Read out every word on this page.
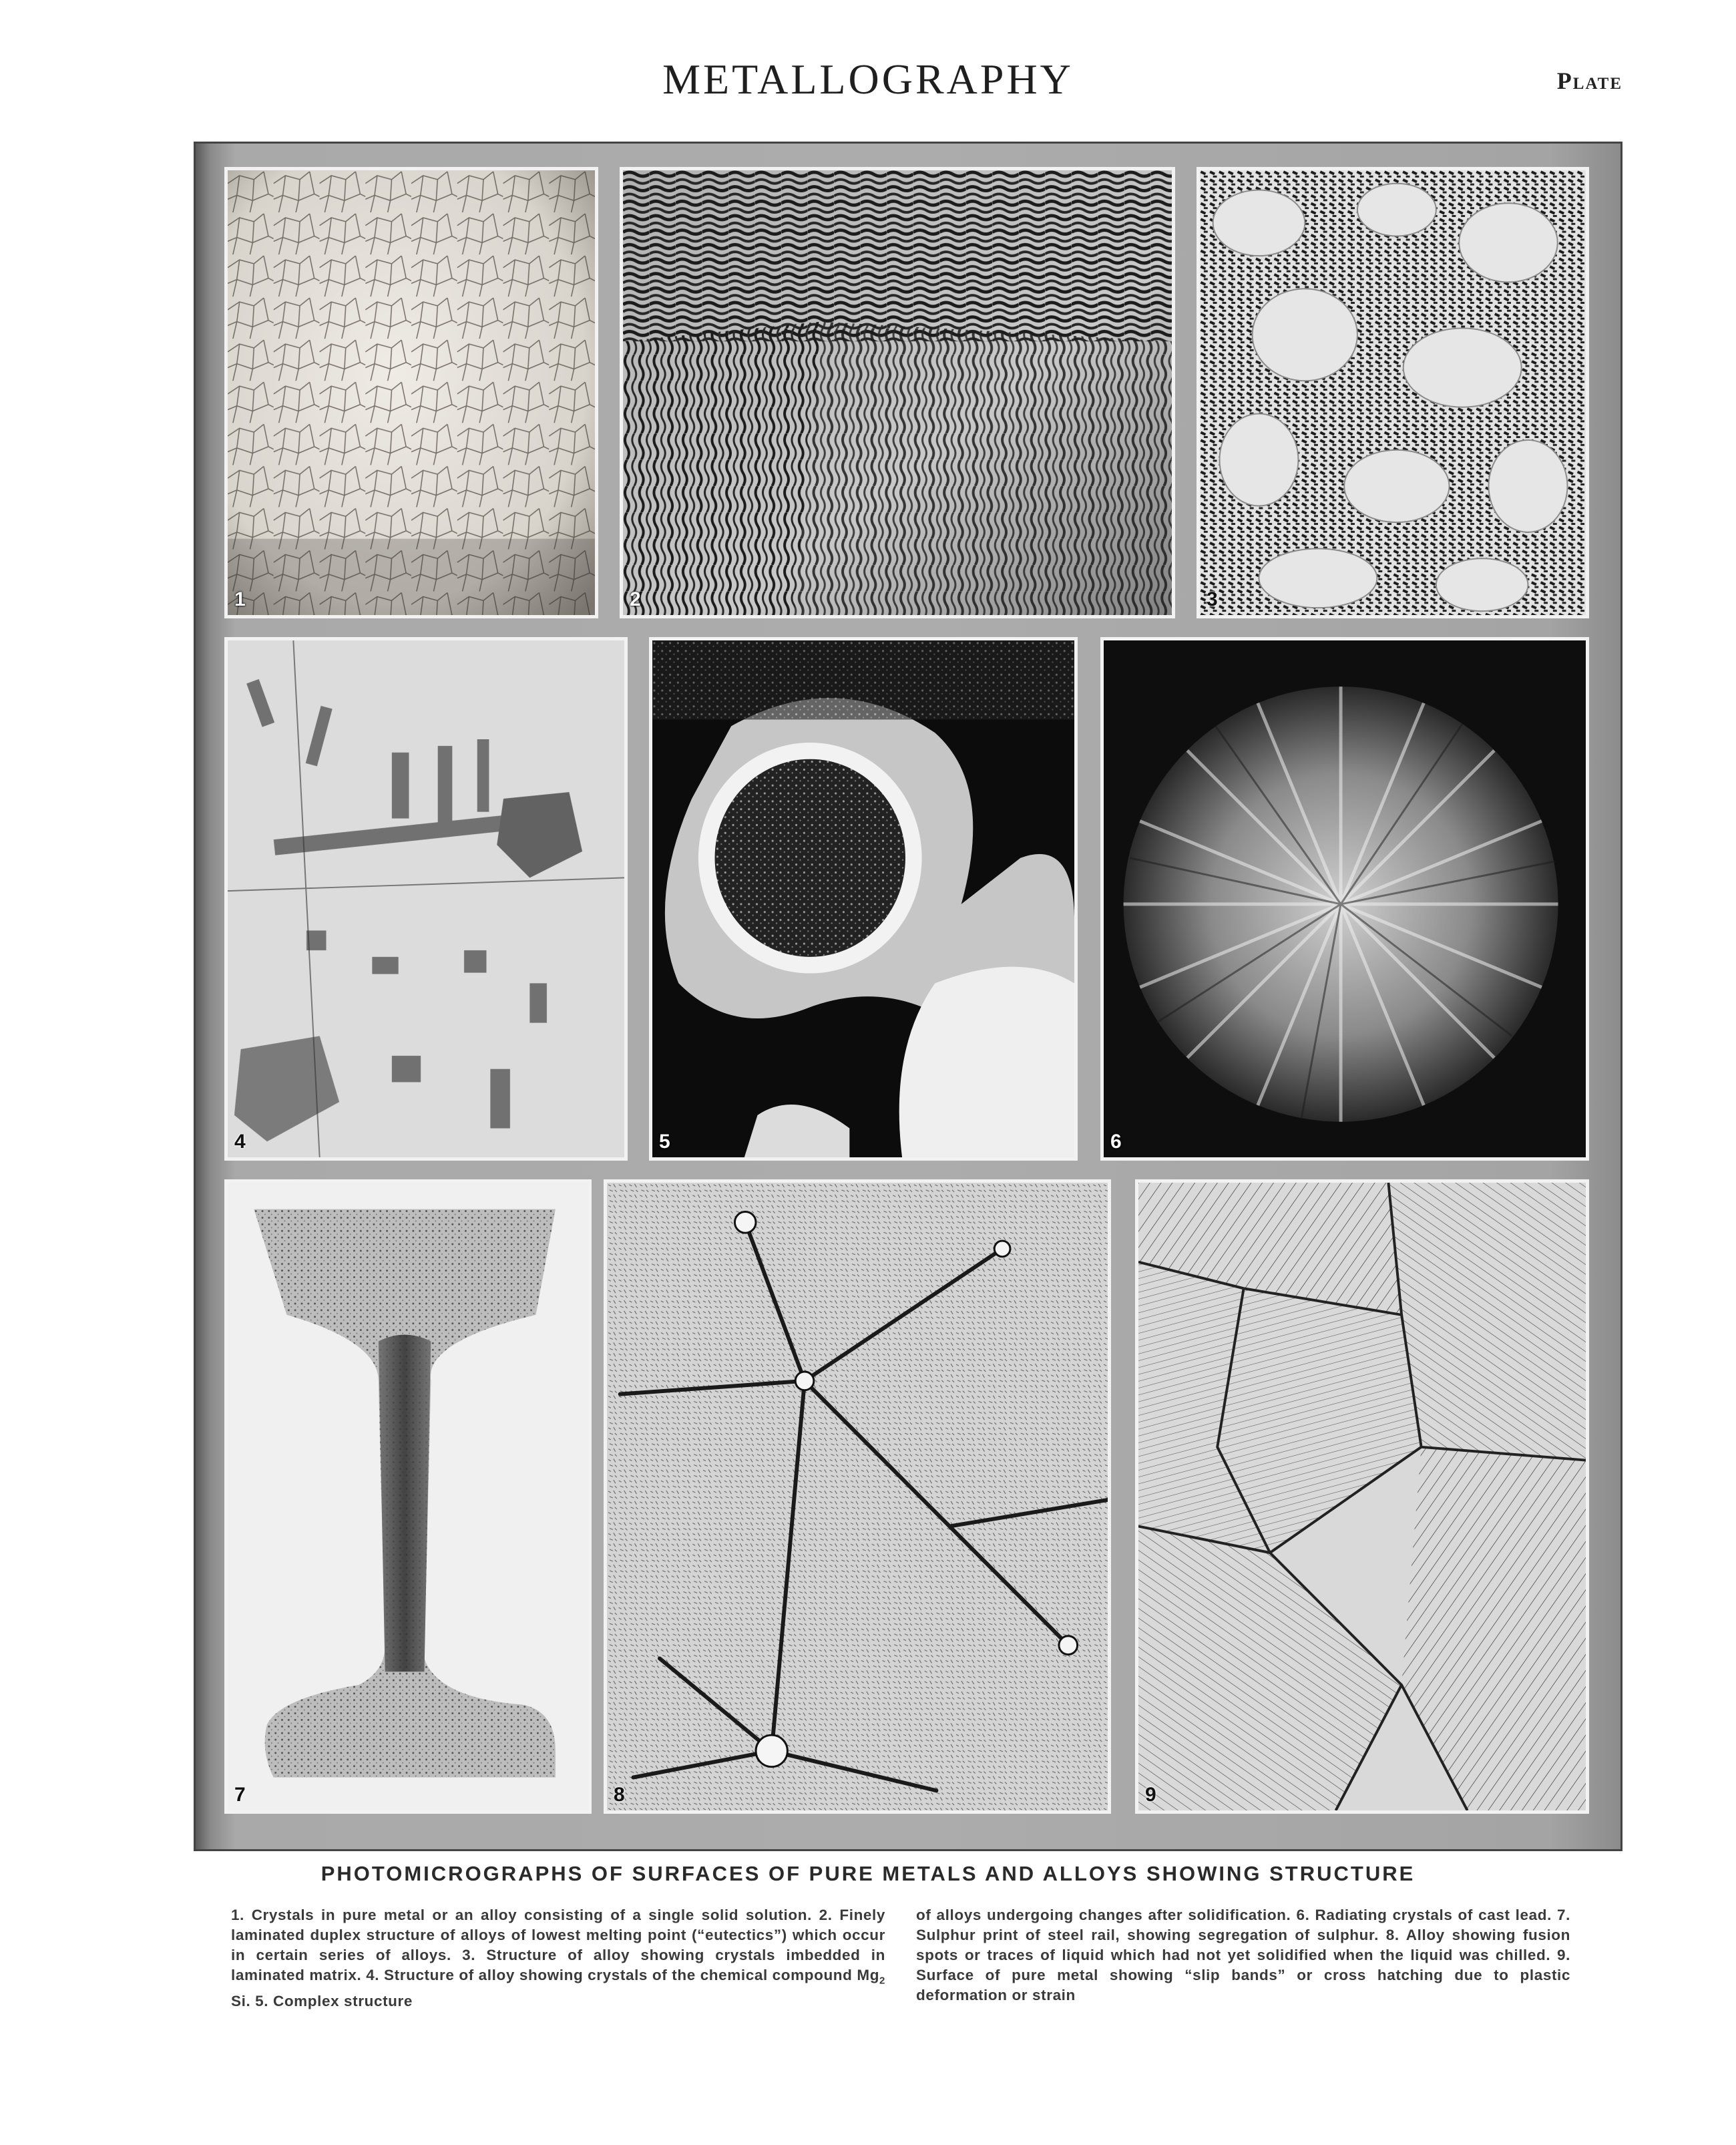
METALLOGRAPHY	Plate
1	2	3
4	5	6
7	8	9
PHOTOMICROGRAPHS OF SURFACES OF PURE METALS AND ALLOYS SHOWING STRUCTURE
1. Crystals in pure metal or an alloy consisting of a single solid solution. 2. Finely laminated duplex structure of alloys of lowest melting point (“eutectics”) which occur in certain series of alloys. 3. Structure of alloy showing crystals imbedded in laminated matrix. 4. Structure of alloy showing crystals of the chemical compound $Mg_2$ Si. 5. Complex structure
of alloys undergoing changes after solidification. 6. Radiating crystals of cast lead. 7. Sulphur print of steel rail, showing segregation of sulphur. 8. Alloy showing fusion spots or traces of liquid which had not yet solidified when the liquid was chilled. 9. Surface of pure metal showing “slip bands” or cross hatching due to plastic deformation or strain
